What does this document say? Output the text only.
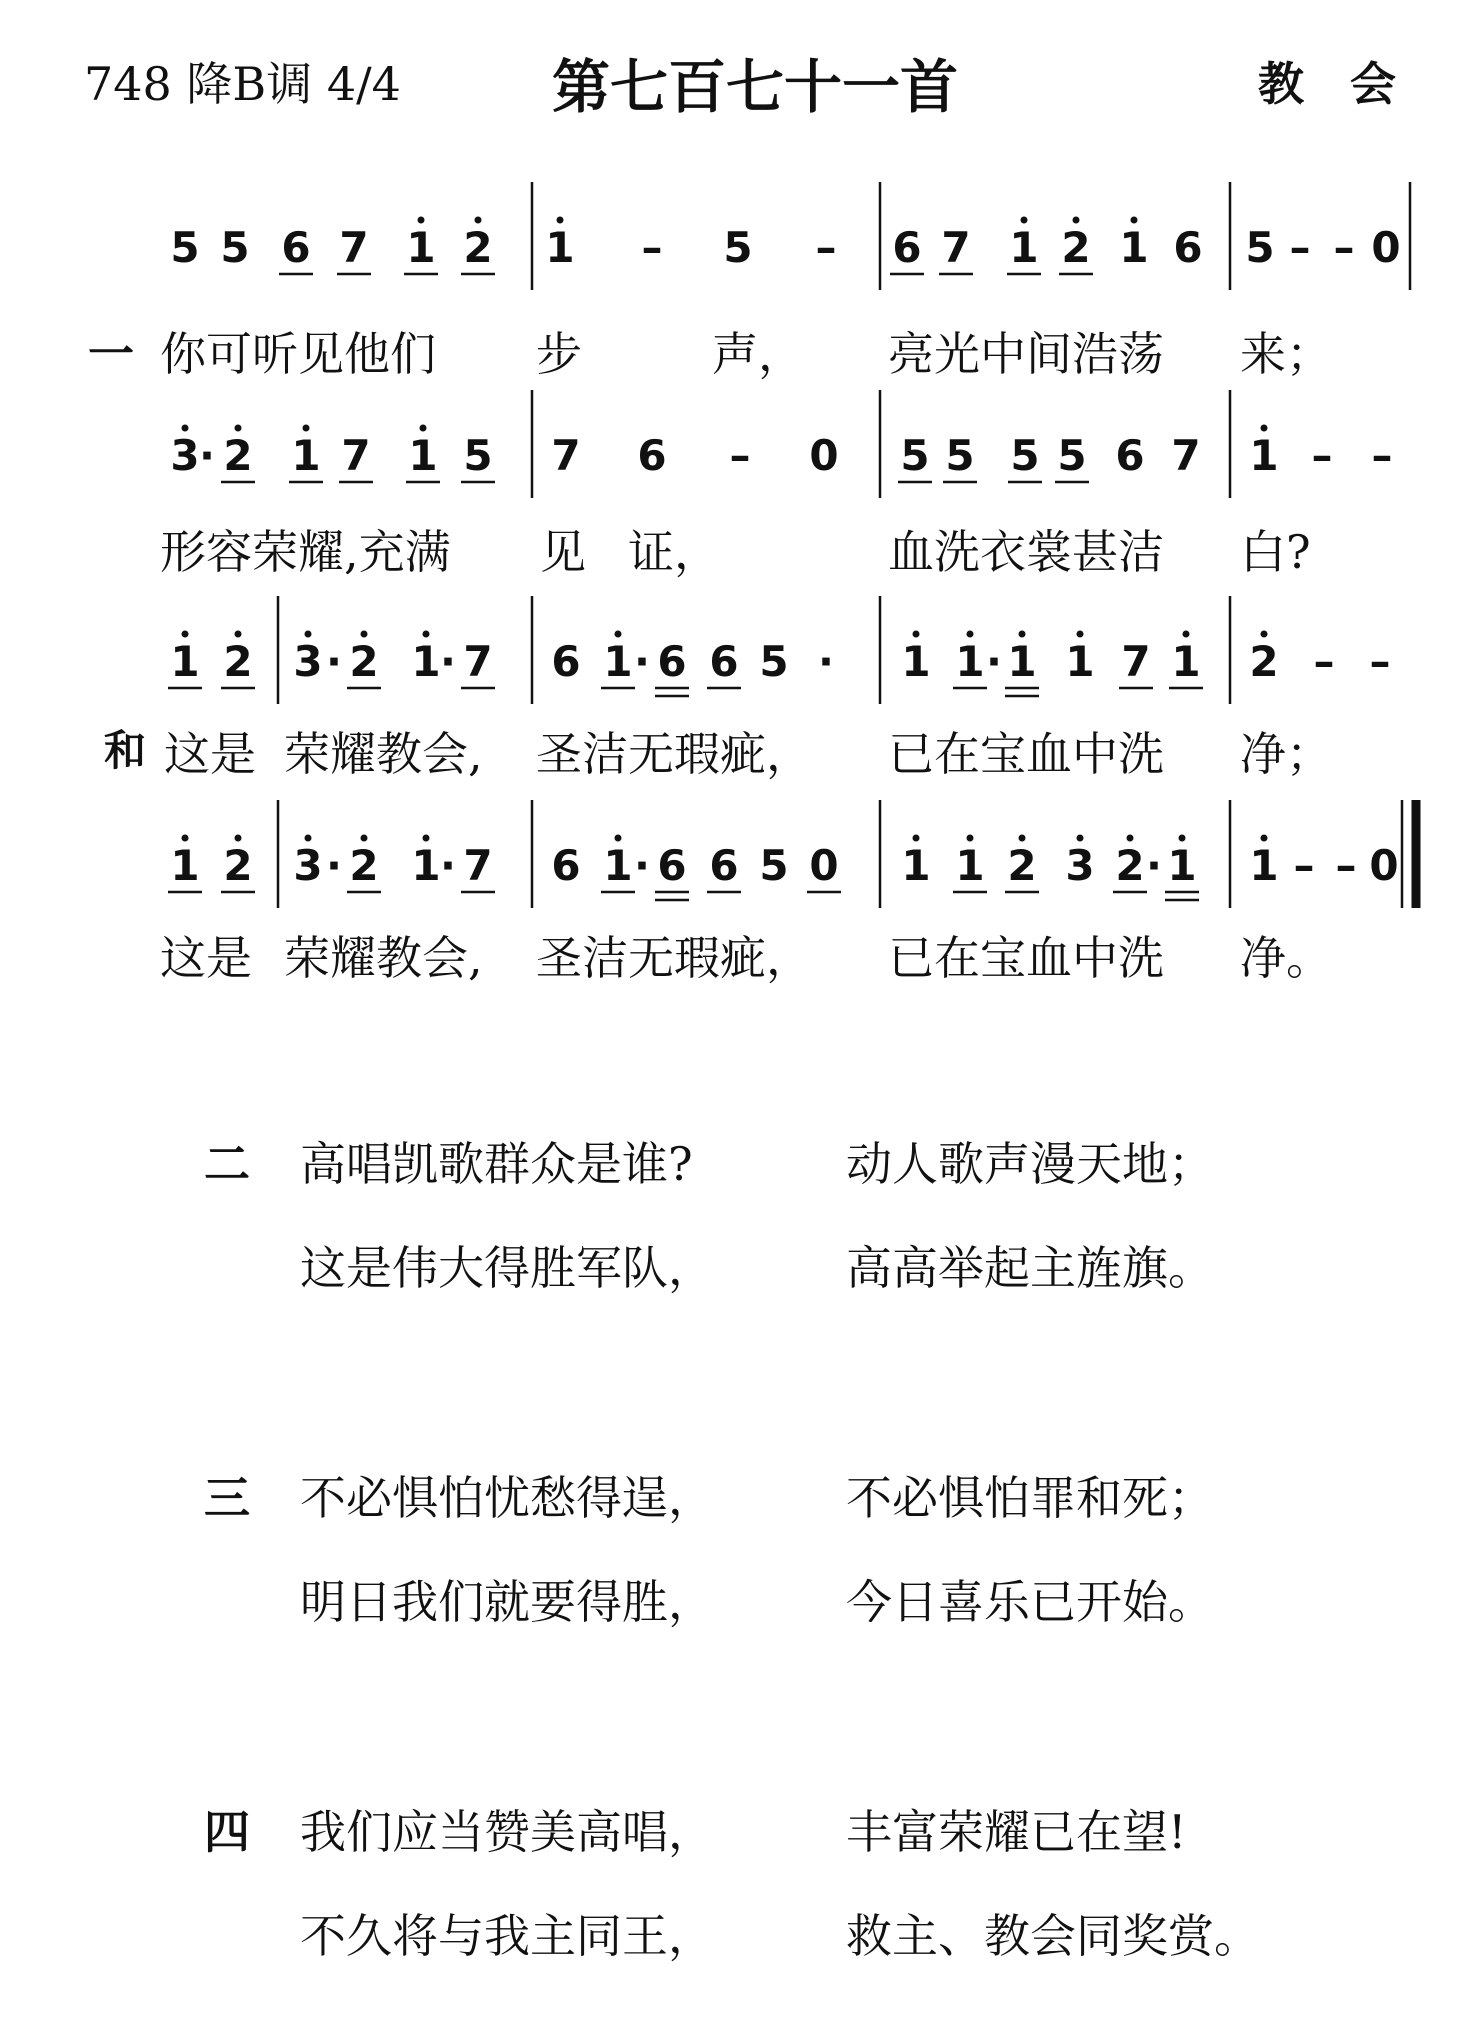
748 降B调 4/4	第七百七十一首	教　会
5 5 6 7 1 2 1 – 5 – 6 7 1 2 1 6 5 – – 0
3 · 2 1 7 1 5 7 6 – 0 5 5 5 5 6 7 1 – –
1 2 3 · 2 1 · 7 6 1 · 6 6 5 · 1 1 · 1 1 7 1 2 – –
1 2 3 · 2 1 · 7 6 1 · 6 6 5 0 1 1 2 3 2 · 1 1 – – 0
一 你可听见他们 步	声， 亮光中间浩荡 来；
形容荣耀,充满 见 证，	血洗衣裳甚洁 白?
和 这是 荣耀教会, 圣洁无瑕疵， 已在宝血中洗 净；
这是 荣耀教会, 圣洁无瑕疵， 已在宝血中洗 净。
二 高唱凯歌群众是谁?	动人歌声漫天地；
这是伟大得胜军队，	高高举起主旌旗。
三 不必惧怕忧愁得逞，	不必惧怕罪和死；
明日我们就要得胜，	今日喜乐已开始。
四 我们应当赞美高唱，	丰富荣耀已在望!
不久将与我主同王，	救主、教会同奖赏。
